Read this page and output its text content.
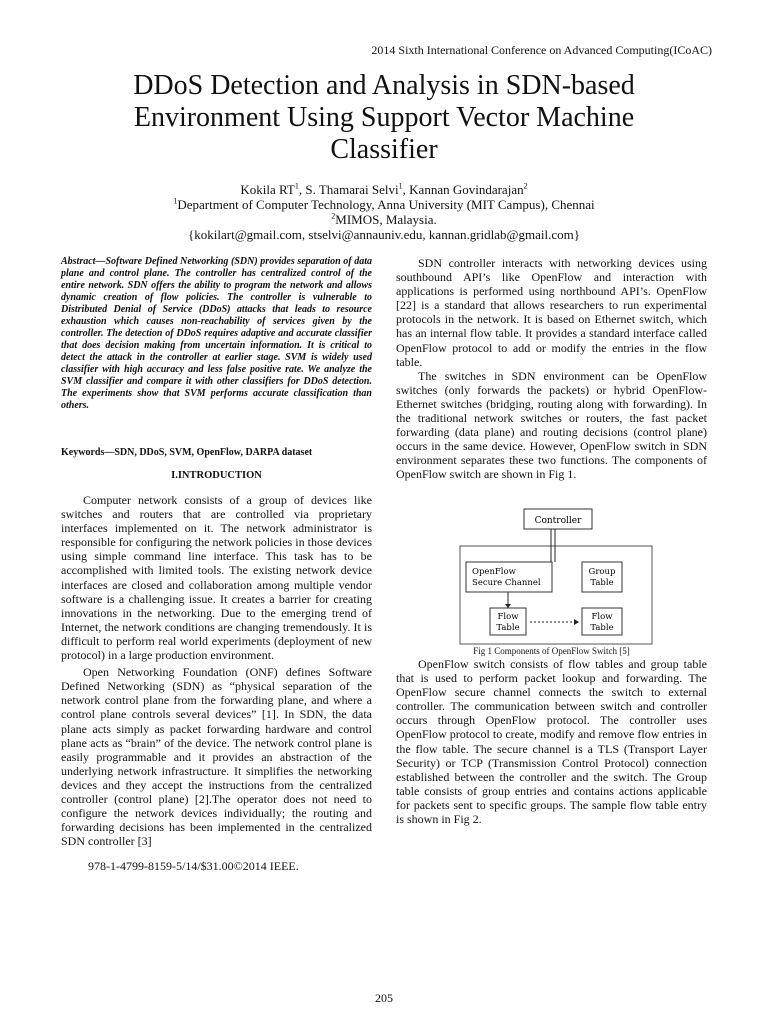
2014 Sixth International Conference on Advanced Computing(ICoAC)
DDoS Detection and Analysis in SDN-based
Environment Using Support Vector Machine
Classifier
Kokila $RT^1$, S. Thamarai Selvi$^1$, Kannan Govindarajan$^2$
$^1$Department of Computer Technology, Anna University (MIT Campus), Chennai
$^2$MIMOS, Malaysia.
{kokilart@gmail.com, stselvi@annauniv.edu, kannan.gridlab@gmail.com}
Abstract—Software Defined Networking (SDN) provides separation of data plane and control plane. The controller has centralized control of the entire network. SDN offers the ability to program the network and allows dynamic creation of flow policies. The controller is vulnerable to Distributed Denial of Service (DDoS) attacks that leads to resource exhaustion which causes non-reachability of services given by the controller. The detection of DDoS requires adaptive and accurate classifier that does decision making from uncertain information. It is critical to detect the attack in the controller at earlier stage. SVM is widely used classifier with high accuracy and less false positive rate. We analyze the SVM classifier and compare it with other classifiers for DDoS detection. The experiments show that SVM performs accurate classification than others.
Keywords—SDN, DDoS, SVM, OpenFlow, DARPA dataset
I.INTRODUCTION

Computer network consists of a group of devices like switches and routers that are controlled via proprietary interfaces implemented on it. The network administrator is responsible for configuring the network policies in those devices using simple command line interface. This task has to be accomplished with limited tools. The existing network device interfaces are closed and collaboration among multiple vendor software is a challenging issue. It creates a barrier for creating innovations in the networking. Due to the emerging trend of Internet, the network conditions are changing tremendously. It is difficult to perform real world experiments (deployment of new protocol) in a large production environment.

Open Networking Foundation (ONF) defines Software Defined Networking (SDN) as “physical separation of the network control plane from the forwarding plane, and where a control plane controls several devices” [1]. In SDN, the data plane acts simply as packet forwarding hardware and control plane acts as “brain” of the device. The network control plane is easily programmable and it provides an abstraction of the underlying network infrastructure. It simplifies the networking devices and they accept the instructions from the centralized controller (control plane) [2].The operator does not need to configure the network devices individually; the routing and forwarding decisions has been implemented in the centralized SDN controller [3]

978-1-4799-8159-5/14/$31.00©2014 IEEE.

SDN controller interacts with networking devices using southbound API’s like OpenFlow and interaction with applications is performed using northbound API’s. OpenFlow [22] is a standard that allows researchers to run experimental protocols in the network. It is based on Ethernet switch, which has an internal flow table. It provides a standard interface called OpenFlow protocol to add or modify the entries in the flow table.

The switches in SDN environment can be OpenFlow switches (only forwards the packets) or hybrid OpenFlow-Ethernet switches (bridging, routing along with forwarding). In the traditional network switches or routers, the fast packet forwarding (data plane) and routing decisions (control plane) occurs in the same device. However, OpenFlow switch in SDN environment separates these two functions. The components of OpenFlow switch are shown in Fig 1.

Controller
OpenFlow
Secure Channel
Group
Table
Flow
Table
Flow
Table
Fig 1 Components of OpenFlow Switch [5]

OpenFlow switch consists of flow tables and group table that is used to perform packet lookup and forwarding. The OpenFlow secure channel connects the switch to external controller. The communication between switch and controller occurs through OpenFlow protocol. The controller uses OpenFlow protocol to create, modify and remove flow entries in the flow table. The secure channel is a TLS (Transport Layer Security) or TCP (Transmission Control Protocol) connection established between the controller and the switch. The Group table consists of group entries and contains actions applicable for packets sent to specific groups. The sample flow table entry is shown in Fig 2.

205
